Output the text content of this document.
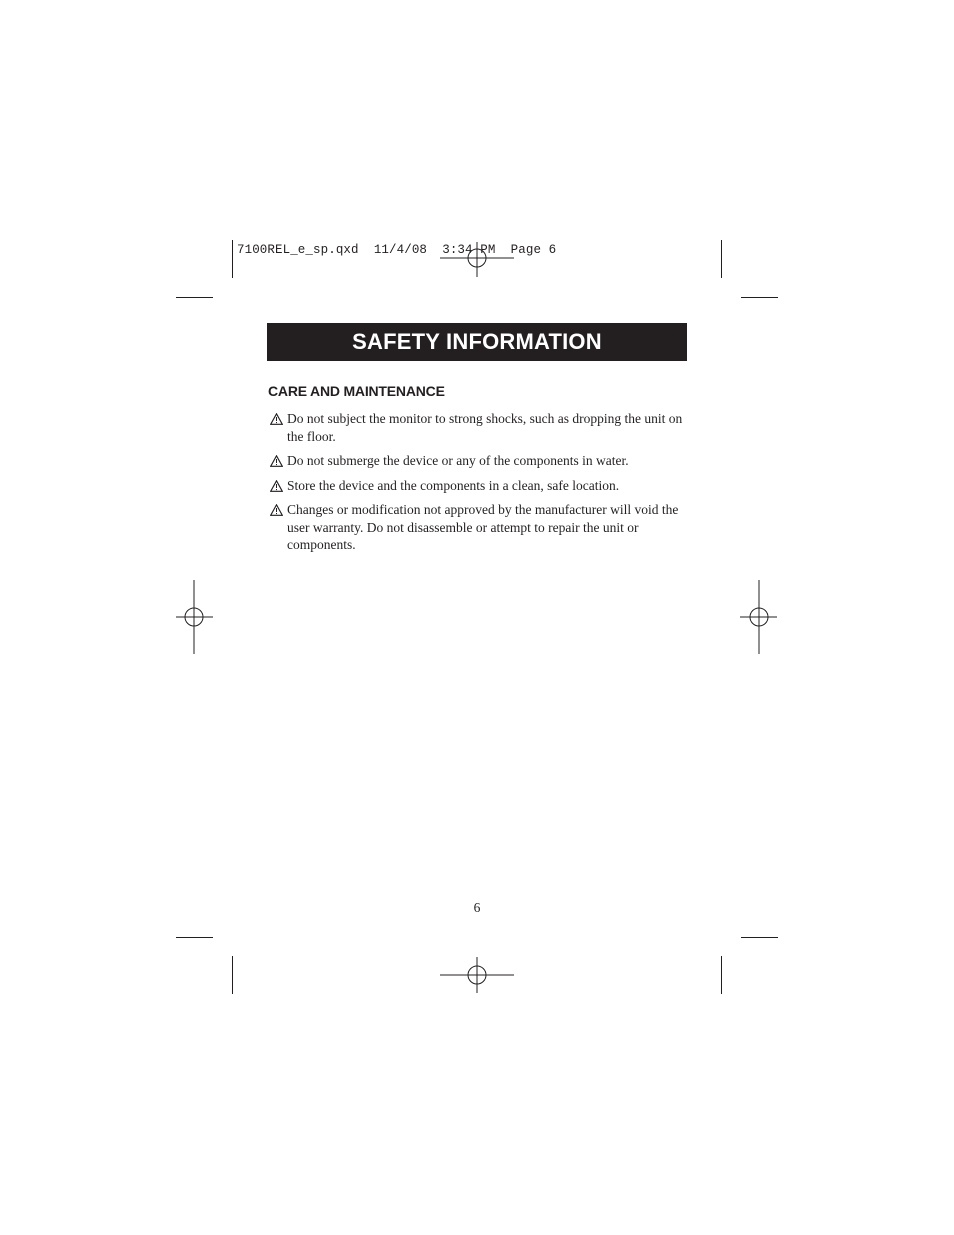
7100REL_e_sp.qxd  11/4/08  3:34 PM  Page 6
SAFETY INFORMATION
CARE AND MAINTENANCE
Do not subject the monitor to strong shocks, such as dropping the unit on the floor.
Do not submerge the device or any of the components in water.
Store the device and the components in a clean, safe location.
Changes or modification not approved by the manufacturer will void the user warranty. Do not disassemble or attempt to repair the unit or components.
6
